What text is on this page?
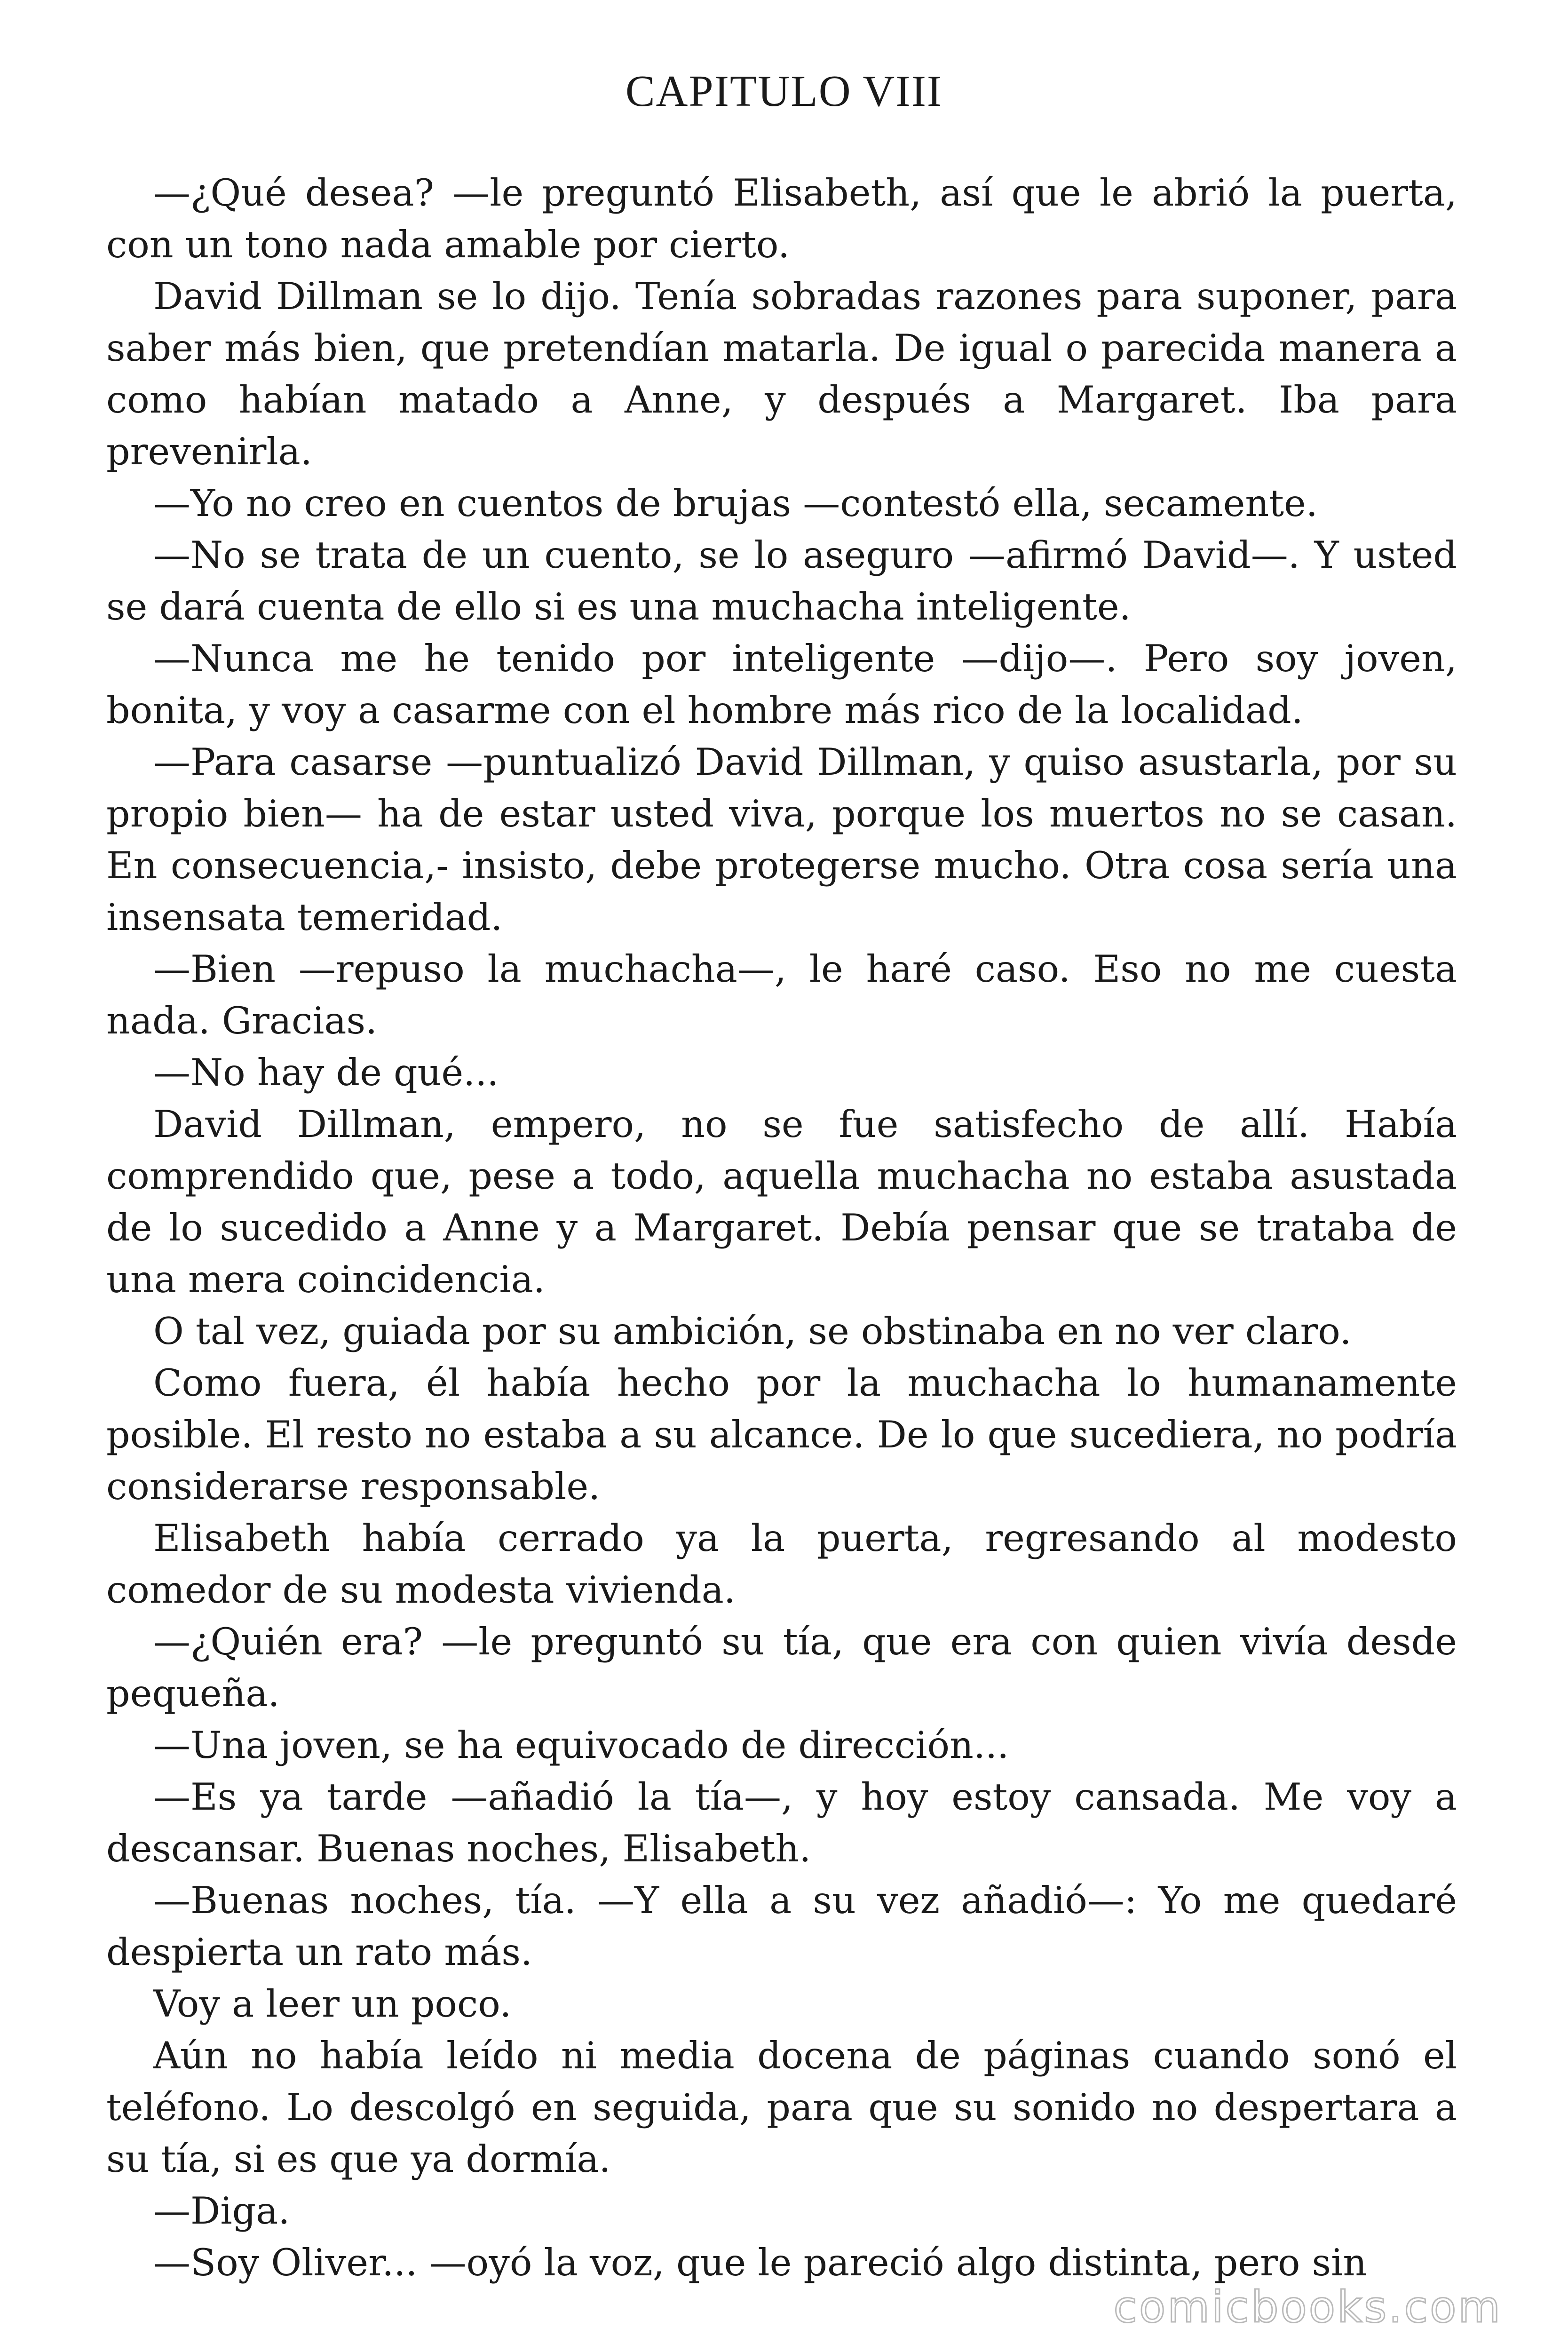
CAPITULO VIII

—¿Qué desea? —le preguntó Elisabeth, así que le abrió la puerta, con un tono nada amable por cierto.

David Dillman se lo dijo. Tenía sobradas razones para suponer, para saber más bien, que pretendían matarla. De igual o parecida manera a como habían matado a Anne, y después a Margaret. Iba para prevenirla.

—Yo no creo en cuentos de brujas —contestó ella, secamente.

—No se trata de un cuento, se lo aseguro —afirmó David—. Y usted se dará cuenta de ello si es una muchacha inteligente.

—Nunca me he tenido por inteligente —dijo—. Pero soy joven, bonita, y voy a casarme con el hombre más rico de la localidad.

—Para casarse —puntualizó David Dillman, y quiso asustarla, por su propio bien— ha de estar usted viva, porque los muertos no se casan. En consecuencia,- insisto, debe protegerse mucho. Otra cosa sería una insensata temeridad.

—Bien —repuso la muchacha—, le haré caso. Eso no me cuesta nada. Gracias.

—No hay de qué...

David Dillman, empero, no se fue satisfecho de allí. Había comprendido que, pese a todo, aquella muchacha no estaba asustada de lo sucedido a Anne y a Margaret. Debía pensar que se trataba de una mera coincidencia.

O tal vez, guiada por su ambición, se obstinaba en no ver claro.

Como fuera, él había hecho por la muchacha lo humanamente posible. El resto no estaba a su alcance. De lo que sucediera, no podría considerarse responsable.

Elisabeth había cerrado ya la puerta, regresando al modesto comedor de su modesta vivienda.

—¿Quién era? —le preguntó su tía, que era con quien vivía desde pequeña.

—Una joven, se ha equivocado de dirección...

—Es ya tarde —añadió la tía—, y hoy estoy cansada. Me voy a descansar. Buenas noches, Elisabeth.

—Buenas noches, tía. —Y ella a su vez añadió—: Yo me quedaré despierta un rato más.

Voy a leer un poco.

Aún no había leído ni media docena de páginas cuando sonó el teléfono. Lo descolgó en seguida, para que su sonido no despertara a su tía, si es que ya dormía.

—Diga.

—Soy Oliver... —oyó la voz, que le pareció algo distinta, pero sin

comicbooks.com
